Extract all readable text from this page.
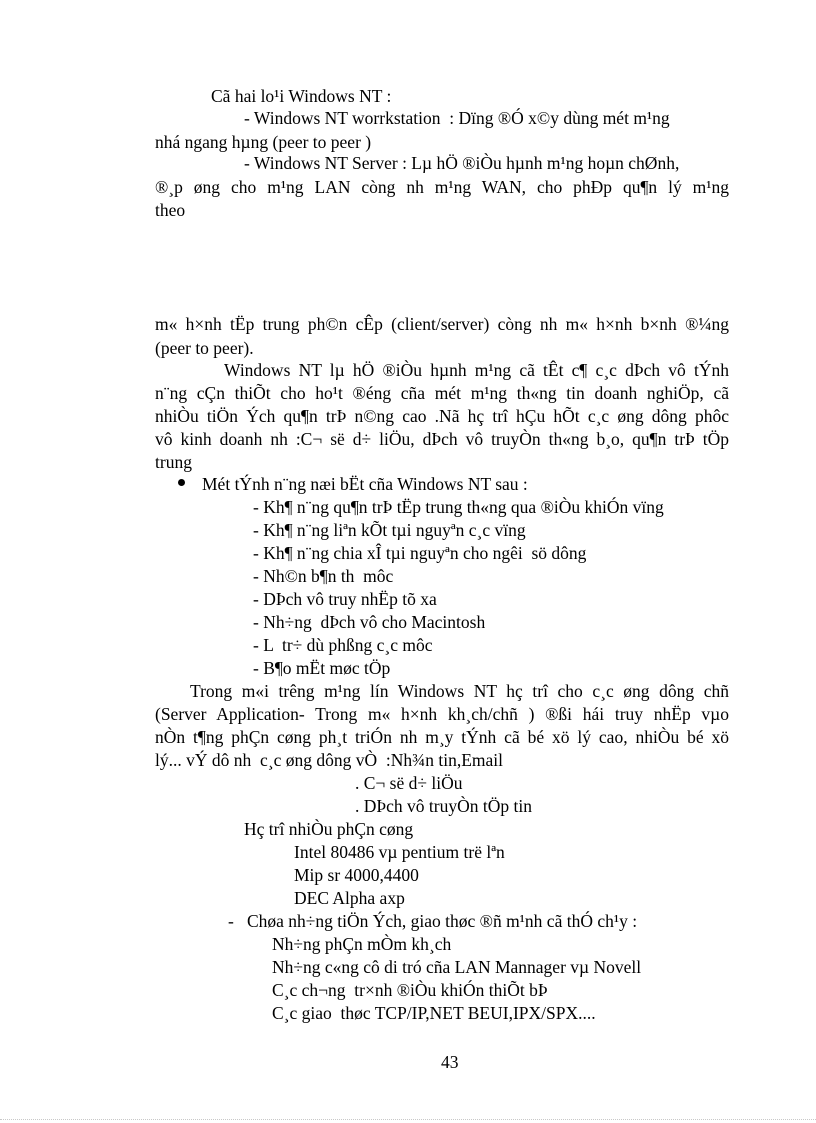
Cã hai lo¹i Windows NT :
- Windows NT worrkstation  : Dïng ®Ó x©y dùng mét m¹ng
nhá ngang hµng (peer to peer )
- Windows NT Server : Lµ hÖ ®iÒu hµnh m¹ng hoµn chØnh,
®¸p øng cho m¹ng LAN còng nh m¹ng WAN, cho phÐp qu¶n lý m¹ng
theo
m« h×nh tËp trung ph©n cÊp (client/server) còng nh m« h×nh b×nh ®¼ng
(peer to peer).
Windows NT lµ hÖ ®iÒu hµnh m¹ng cã tÊt c¶ c¸c dÞch vô tÝnh
n¨ng cÇn thiÕt cho ho¹t ®éng cña mét m¹ng th«ng tin doanh nghiÖp, cã
nhiÒu tiÖn Ých qu¶n trÞ n©ng cao .Nã hç trî hÇu hÕt c¸c øng dông phôc
vô kinh doanh nh :C¬ së d÷ liÖu, dÞch vô truyÒn th«ng b¸o, qu¶n trÞ tÖp
trung
Mét tÝnh n¨ng næi bËt cña Windows NT sau :
- Kh¶ n¨ng qu¶n trÞ tËp trung th«ng qua ®iÒu khiÓn vïng
- Kh¶ n¨ng liªn kÕt tµi nguyªn c¸c vïng
- Kh¶ n¨ng chia xÎ tµi nguyªn cho ngêi  sö dông
- Nh©n b¶n th  môc
- DÞch vô truy nhËp tõ xa
- Nh÷ng  dÞch vô cho Macintosh
- L  tr÷ dù phßng c¸c môc
- B¶o mËt møc tÖp
Trong m«i trêng m¹ng lín Windows NT hç trî cho c¸c øng dông chñ
(Server Application- Trong m« h×nh kh¸ch/chñ ) ®ßi hái truy nhËp vµo
nÒn t¶ng phÇn cøng ph¸t triÓn nh m¸y tÝnh cã bé xö lý cao, nhiÒu bé xö
lý... vÝ dô nh  c¸c øng dông vÒ  :Nh¾n tin,Email
. C¬ së d÷ liÖu
. DÞch vô truyÒn tÖp tin
Hç trî nhiÒu phÇn cøng
Intel 80486 vµ pentium trë lªn
Mip sr 4000,4400
DEC Alpha axp
-   Chøa nh÷ng tiÖn Ých, giao thøc ®ñ m¹nh cã thÓ ch¹y :
Nh÷ng phÇn mÒm kh¸ch
Nh÷ng c«ng cô di tró cña LAN Mannager vµ Novell
C¸c ch¬ng  tr×nh ®iÒu khiÓn thiÕt bÞ
C¸c giao  thøc TCP/IP,NET BEUI,IPX/SPX....
43
